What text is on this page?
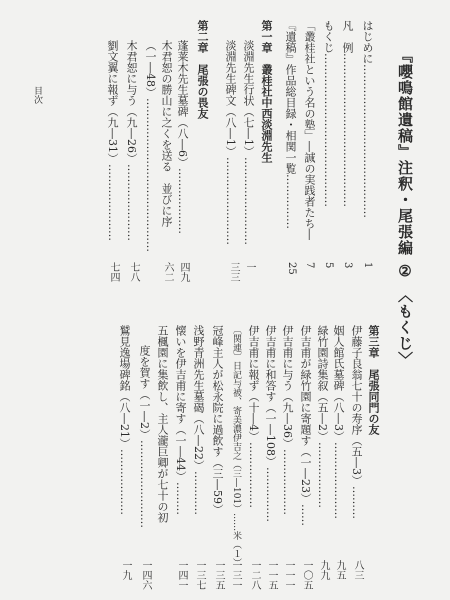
『嚶鳴館遺稿』注釈・尾張編 ② 〈もくじ〉
はじめに……………………………………
1
凡　例……………………………………
3
もくじ……………………………………
5
「叢桂社という名の塾」―誠の実践者たち―
7
『遺稿』作品総目録・相関一覧……………
25
第一章　叢桂社中西淡淵先生
淡淵先生行状（七―1）……………………
一
淡淵先生碑文（八―1）……………………
三三
第二章　尾張の畏友
蓬莱木先生墓碑（八―6）………………
四九
木君恕の勝山に之くを送る　並びに序
六二
（一―48）……………………………………
木君恕に与う（九―26）…………………
七八
劉文翼に報ず（九―31）…………………
七四
第三章　尾張同門の友
伊藤子良翁七十の寿序（五―3）………
八三
姻人館氏墓碑（八―3）…………………
九五
緑竹園詩集叙（五―2）………………
九九
伊吉甫が緑竹園に寄題す（一―23）……
一〇五
伊吉甫に与う（九―36）………………
一一一
伊吉甫に和答す（一―108）……………
一一五
伊吉甫に報ず（十―4）………………
一二八
〔関連〕日記与被、寄美濃伊吉之（三―101）……米（１）
一三一
冠峰主人が松永院に過飲す（三―59）
一三五
浅野青洲先生墓碣（八―22）…………
一三七
懐いを伊吉甫に寄す（一―44）………
一四一
五楓園に集飲し、主人瀧巨卿が七十の初
度を賀す（一―2）……………………
一四六
鷲見逸場碑銘（八―21）………………
一九
目次
